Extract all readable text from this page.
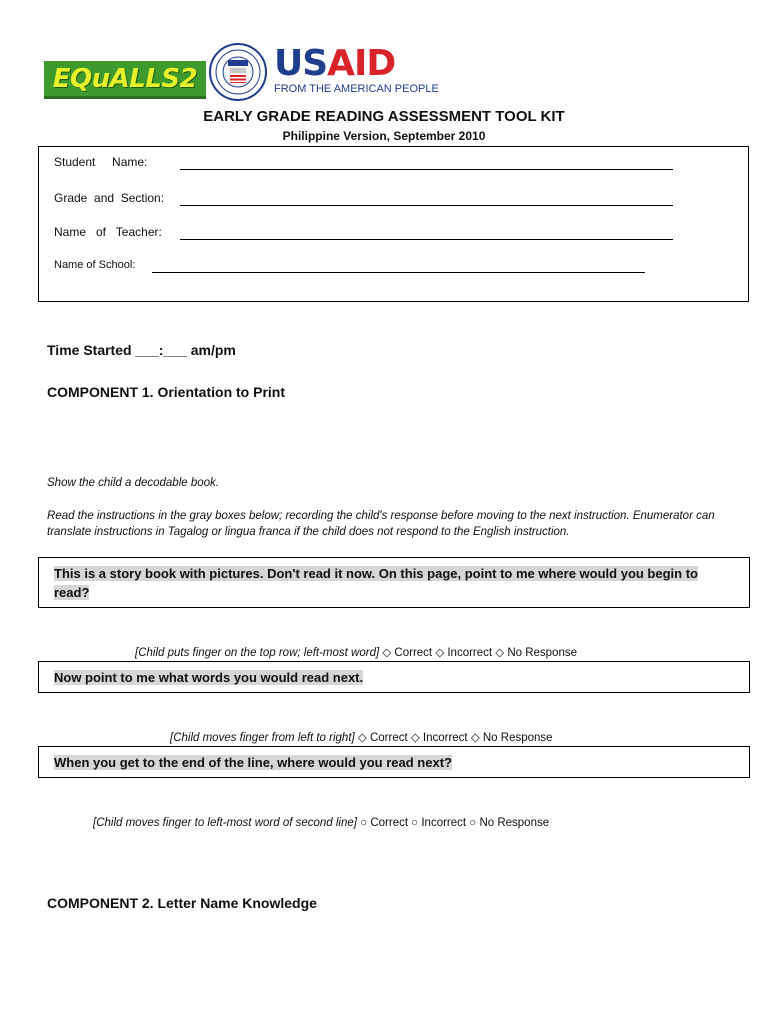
EQuALLS2 USAID
FROM THE AMERICAN PEOPLE
EARLY GRADE READING ASSESSMENT TOOL KIT
Philippine Version, September 2010
Student     Name:
Grade  and  Section:
Name   of   Teacher:
Name of School:
Time Started ___:___ am/pm
COMPONENT 1. Orientation to Print
Show the child a decodable book.
Read the instructions in the gray boxes below; recording the child's response before moving to the next instruction. Enumerator can translate instructions in Tagalog or lingua franca if the child does not respond to the English instruction.
This is a story book with pictures. Don't read it now. On this page, point to me where would you begin to read?
[Child puts finger on the top row; left-most word] ◇ Correct ◇ Incorrect ◇ No Response
Now point to me what words you would read next.
[Child moves finger from left to right] ◇ Correct ◇ Incorrect ◇ No Response
When you get to the end of the line, where would you read next?
[Child moves finger to left-most word of second line] ○ Correct ○ Incorrect ○ No Response
COMPONENT 2. Letter Name Knowledge
